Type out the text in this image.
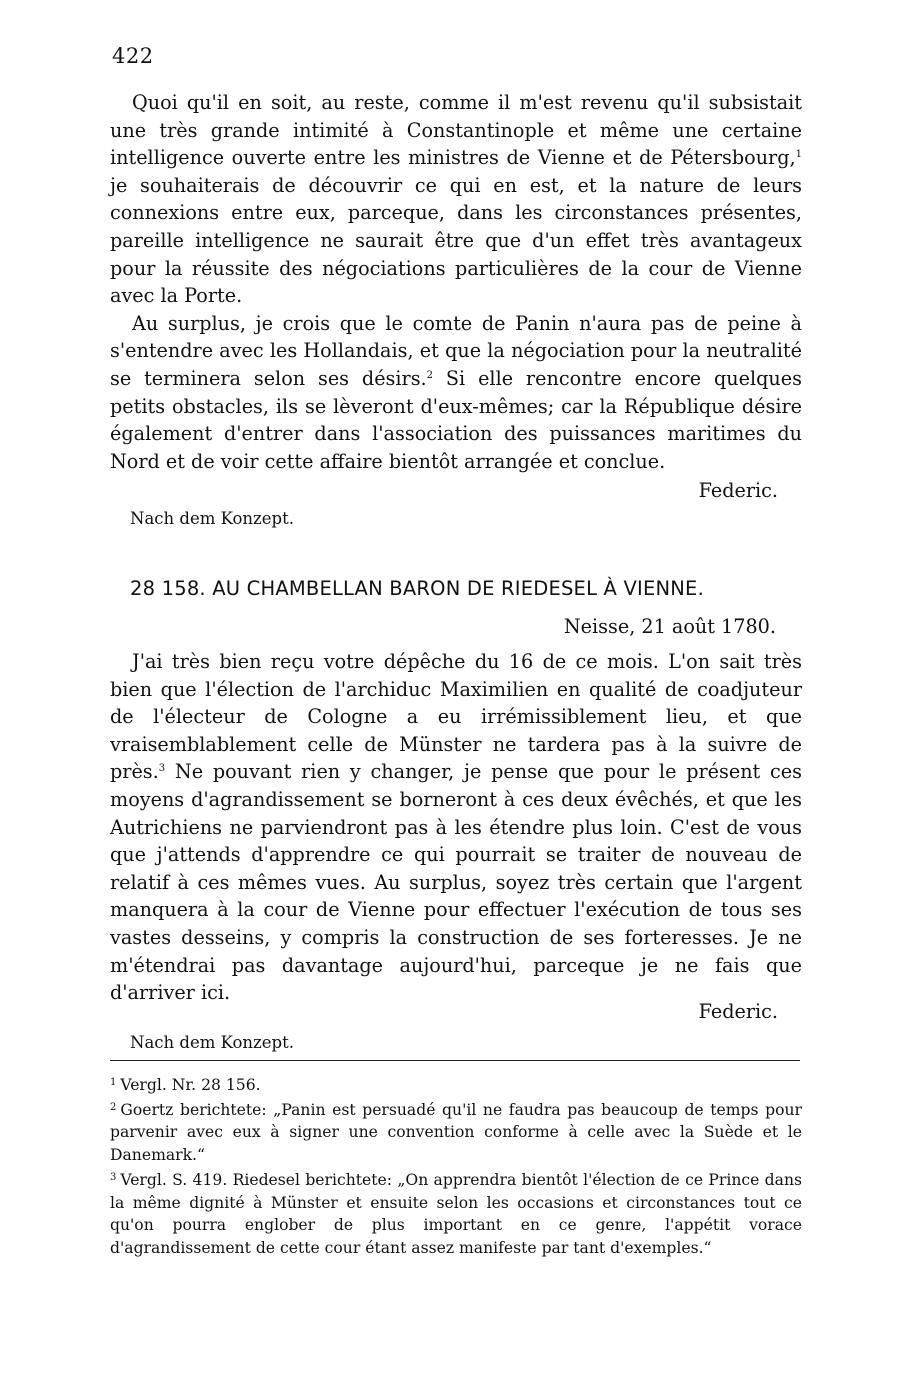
422

Quoi qu'il en soit, au reste, comme il m'est revenu qu'il subsistait une très grande intimité à Constantinople et même une certaine intelligence ouverte entre les ministres de Vienne et de Pétersbourg,$^1$ je souhaiterais de découvrir ce qui en est, et la nature de leurs connexions entre eux, parceque, dans les circonstances présentes, pareille intelligence ne saurait être que d'un effet très avantageux pour la réussite des négociations particulières de la cour de Vienne avec la Porte.

Au surplus, je crois que le comte de Panin n'aura pas de peine à s'entendre avec les Hollandais, et que la négociation pour la neutralité se terminera selon ses désirs.$^2$ Si elle rencontre encore quelques petits obstacles, ils se lèveront d'eux-mêmes; car la République désire également d'entrer dans l'association des puissances maritimes du Nord et de voir cette affaire bientôt arrangée et conclue.

Federic.
Nach dem Konzept.
28 158. AU CHAMBELLAN BARON DE RIEDESEL À VIENNE.
Neisse, 21 août 1780.

J'ai très bien reçu votre dépêche du 16 de ce mois. L'on sait très bien que l'élection de l'archiduc Maximilien en qualité de coadjuteur de l'électeur de Cologne a eu irrémissiblement lieu, et que vraisemblablement celle de Münster ne tardera pas à la suivre de près.$^3$ Ne pouvant rien y changer, je pense que pour le présent ces moyens d'agrandissement se borneront à ces deux évêchés, et que les Autrichiens ne parviendront pas à les étendre plus loin. C'est de vous que j'attends d'apprendre ce qui pourrait se traiter de nouveau de relatif à ces mêmes vues. Au surplus, soyez très certain que l'argent manquera à la cour de Vienne pour effectuer l'exécution de tous ses vastes desseins, y compris la construction de ses forteresses. Je ne m'étendrai pas davantage aujourd'hui, parceque je ne fais que d'arriver ici.

Federic.
Nach dem Konzept.

$^1$ Vergl. Nr. 28 156.

$^2$ Goertz berichtete: „Panin est persuadé qu'il ne faudra pas beaucoup de temps pour parvenir avec eux à signer une convention conforme à celle avec la Suède et le Danemark.“

$^3$ Vergl. S. 419. Riedesel berichtete: „On apprendra bientôt l'élection de ce Prince dans la même dignité à Münster et ensuite selon les occasions et circonstances tout ce qu'on pourra englober de plus important en ce genre, l'appétit vorace d'agrandissement de cette cour étant assez manifeste par tant d'exemples.“
